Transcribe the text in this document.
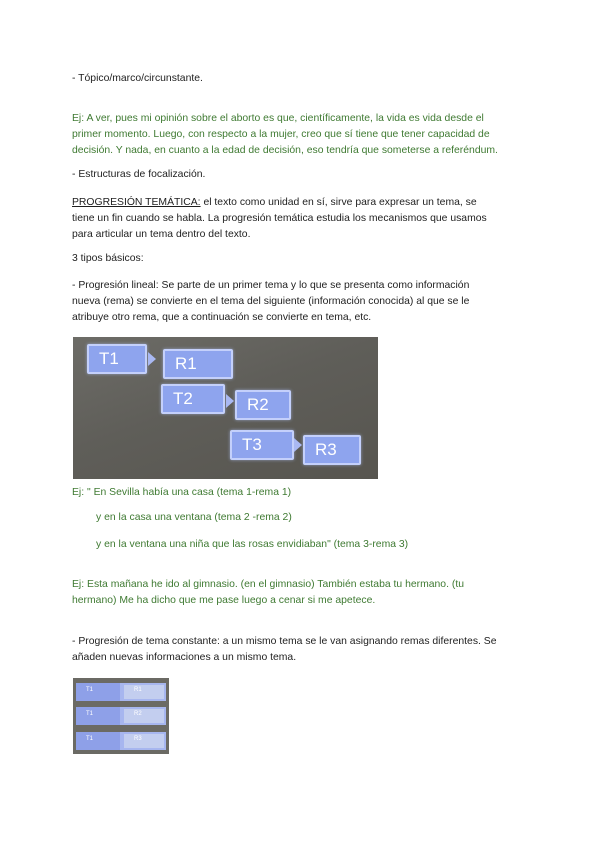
- Tópico/marco/circunstante.

Ej: A ver, pues mi opinión sobre el aborto es que, científicamente, la vida es vida desde el
primer momento. Luego, con respecto a la mujer, creo que sí tiene que tener capacidad de
decisión. Y nada, en cuanto a la edad de decisión, eso tendría que someterse a referéndum.

- Estructuras de focalización.

PROGRESIÓN TEMÁTICA: el texto como unidad en sí, sirve para expresar un tema, se
tiene un fin cuando se habla. La progresión temática estudia los mecanismos que usamos
para articular un tema dentro del texto.

3 tipos básicos:

- Progresión lineal: Se parte de un primer tema y lo que se presenta como información
nueva (rema) se convierte en el tema del siguiente (información conocida) al que se le
atribuye otro rema, que a continuación se convierte en tema, etc.
T1	R1
T2	R2
T3	R3

Ej: " En Sevilla había una casa (tema 1-rema 1)

y en la casa una ventana (tema 2 -rema 2)

y en la ventana una niña que las rosas envidiaban" (tema 3-rema 3)

Ej: Esta mañana he ido al gimnasio. (en el gimnasio) También estaba tu hermano. (tu
hermano) Me ha dicho que me pase luego a cenar si me apetece.
- Progresión de tema constante: a un mismo tema se le van asignando remas diferentes. Se
añaden nuevas informaciones a un mismo tema.
T1	R1
T1	R2
T1	R3
